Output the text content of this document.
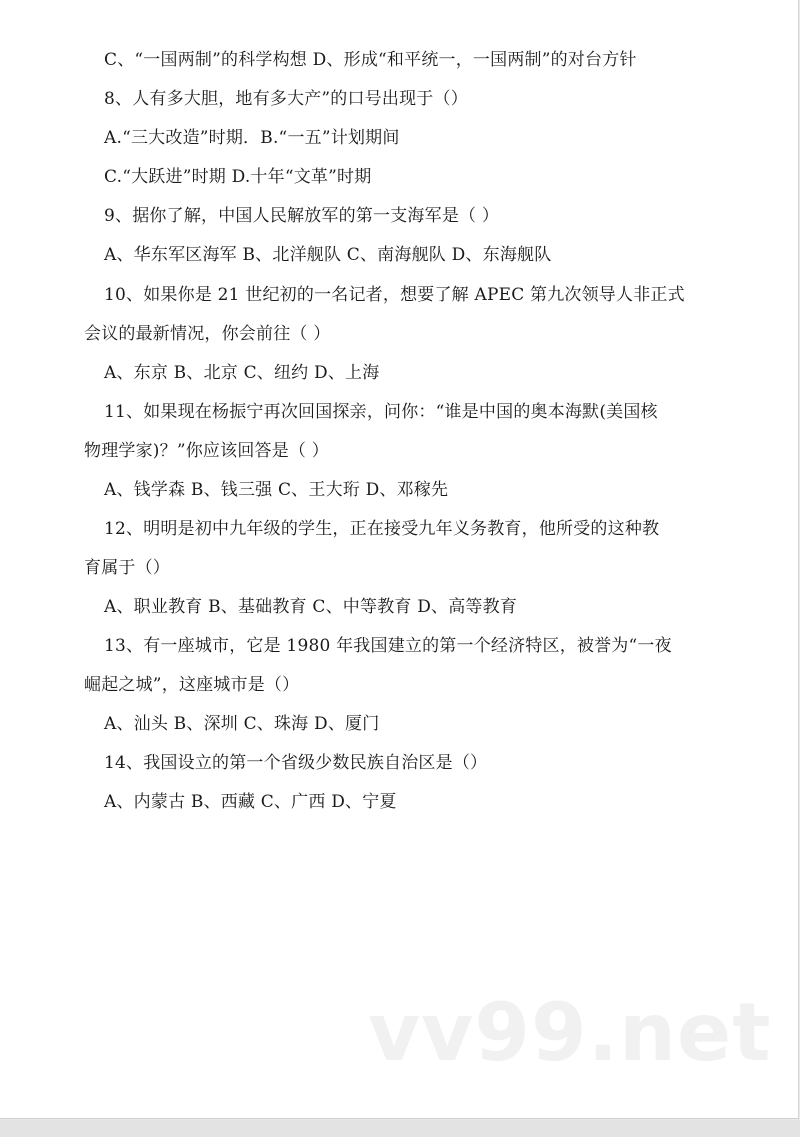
C、“一国两制”的科学构想 D、形成“和平统一，一国两制”的对台方针
8、人有多大胆，地有多大产”的口号出现于（）
A.“三大改造”时期．B.“一五”计划期间
C.“大跃进”时期 D.十年“文革”时期
9、据你了解，中国人民解放军的第一支海军是（ ）
A、华东军区海军 B、北洋舰队 C、南海舰队 D、东海舰队
10、如果你是 21 世纪初的一名记者，想要了解 APEC 第九次领导人非正式
会议的最新情况，你会前往（ ）
A、东京 B、北京 C、纽约 D、上海
11、如果现在杨振宁再次回国探亲，问你：“谁是中国的奥本海默(美国核
物理学家)？”你应该回答是（ ）
A、钱学森 B、钱三强 C、王大珩 D、邓稼先
12、明明是初中九年级的学生，正在接受九年义务教育，他所受的这种教
育属于（）
A、职业教育 B、基础教育 C、中等教育 D、高等教育
13、有一座城市，它是 1980 年我国建立的第一个经济特区，被誉为“一夜
崛起之城”，这座城市是（）
A、汕头 B、深圳 C、珠海 D、厦门
14、我国设立的第一个省级少数民族自治区是（）
A、内蒙古 B、西藏 C、广西 D、宁夏
vv99.net
